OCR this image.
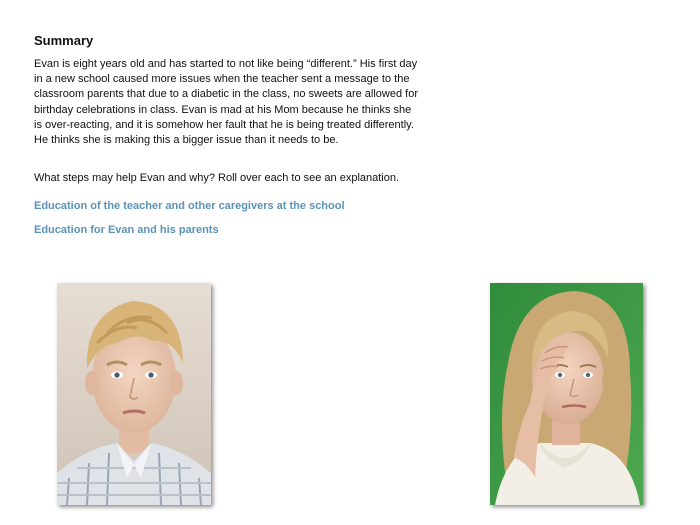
Summary

Evan is eight years old and has started to not like being “different.” His first day in a new school caused more issues when the teacher sent a message to the classroom parents that due to a diabetic in the class, no sweets are allowed for birthday celebrations in class. Evan is mad at his Mom because he thinks she is over-reacting, and it is somehow her fault that he is being treated differently. He thinks she is making this a bigger issue than it needs to be.

What steps may help Evan and why? Roll over each to see an explanation.

Education of the teacher and other caregivers at the school

Education for Evan and his parents
